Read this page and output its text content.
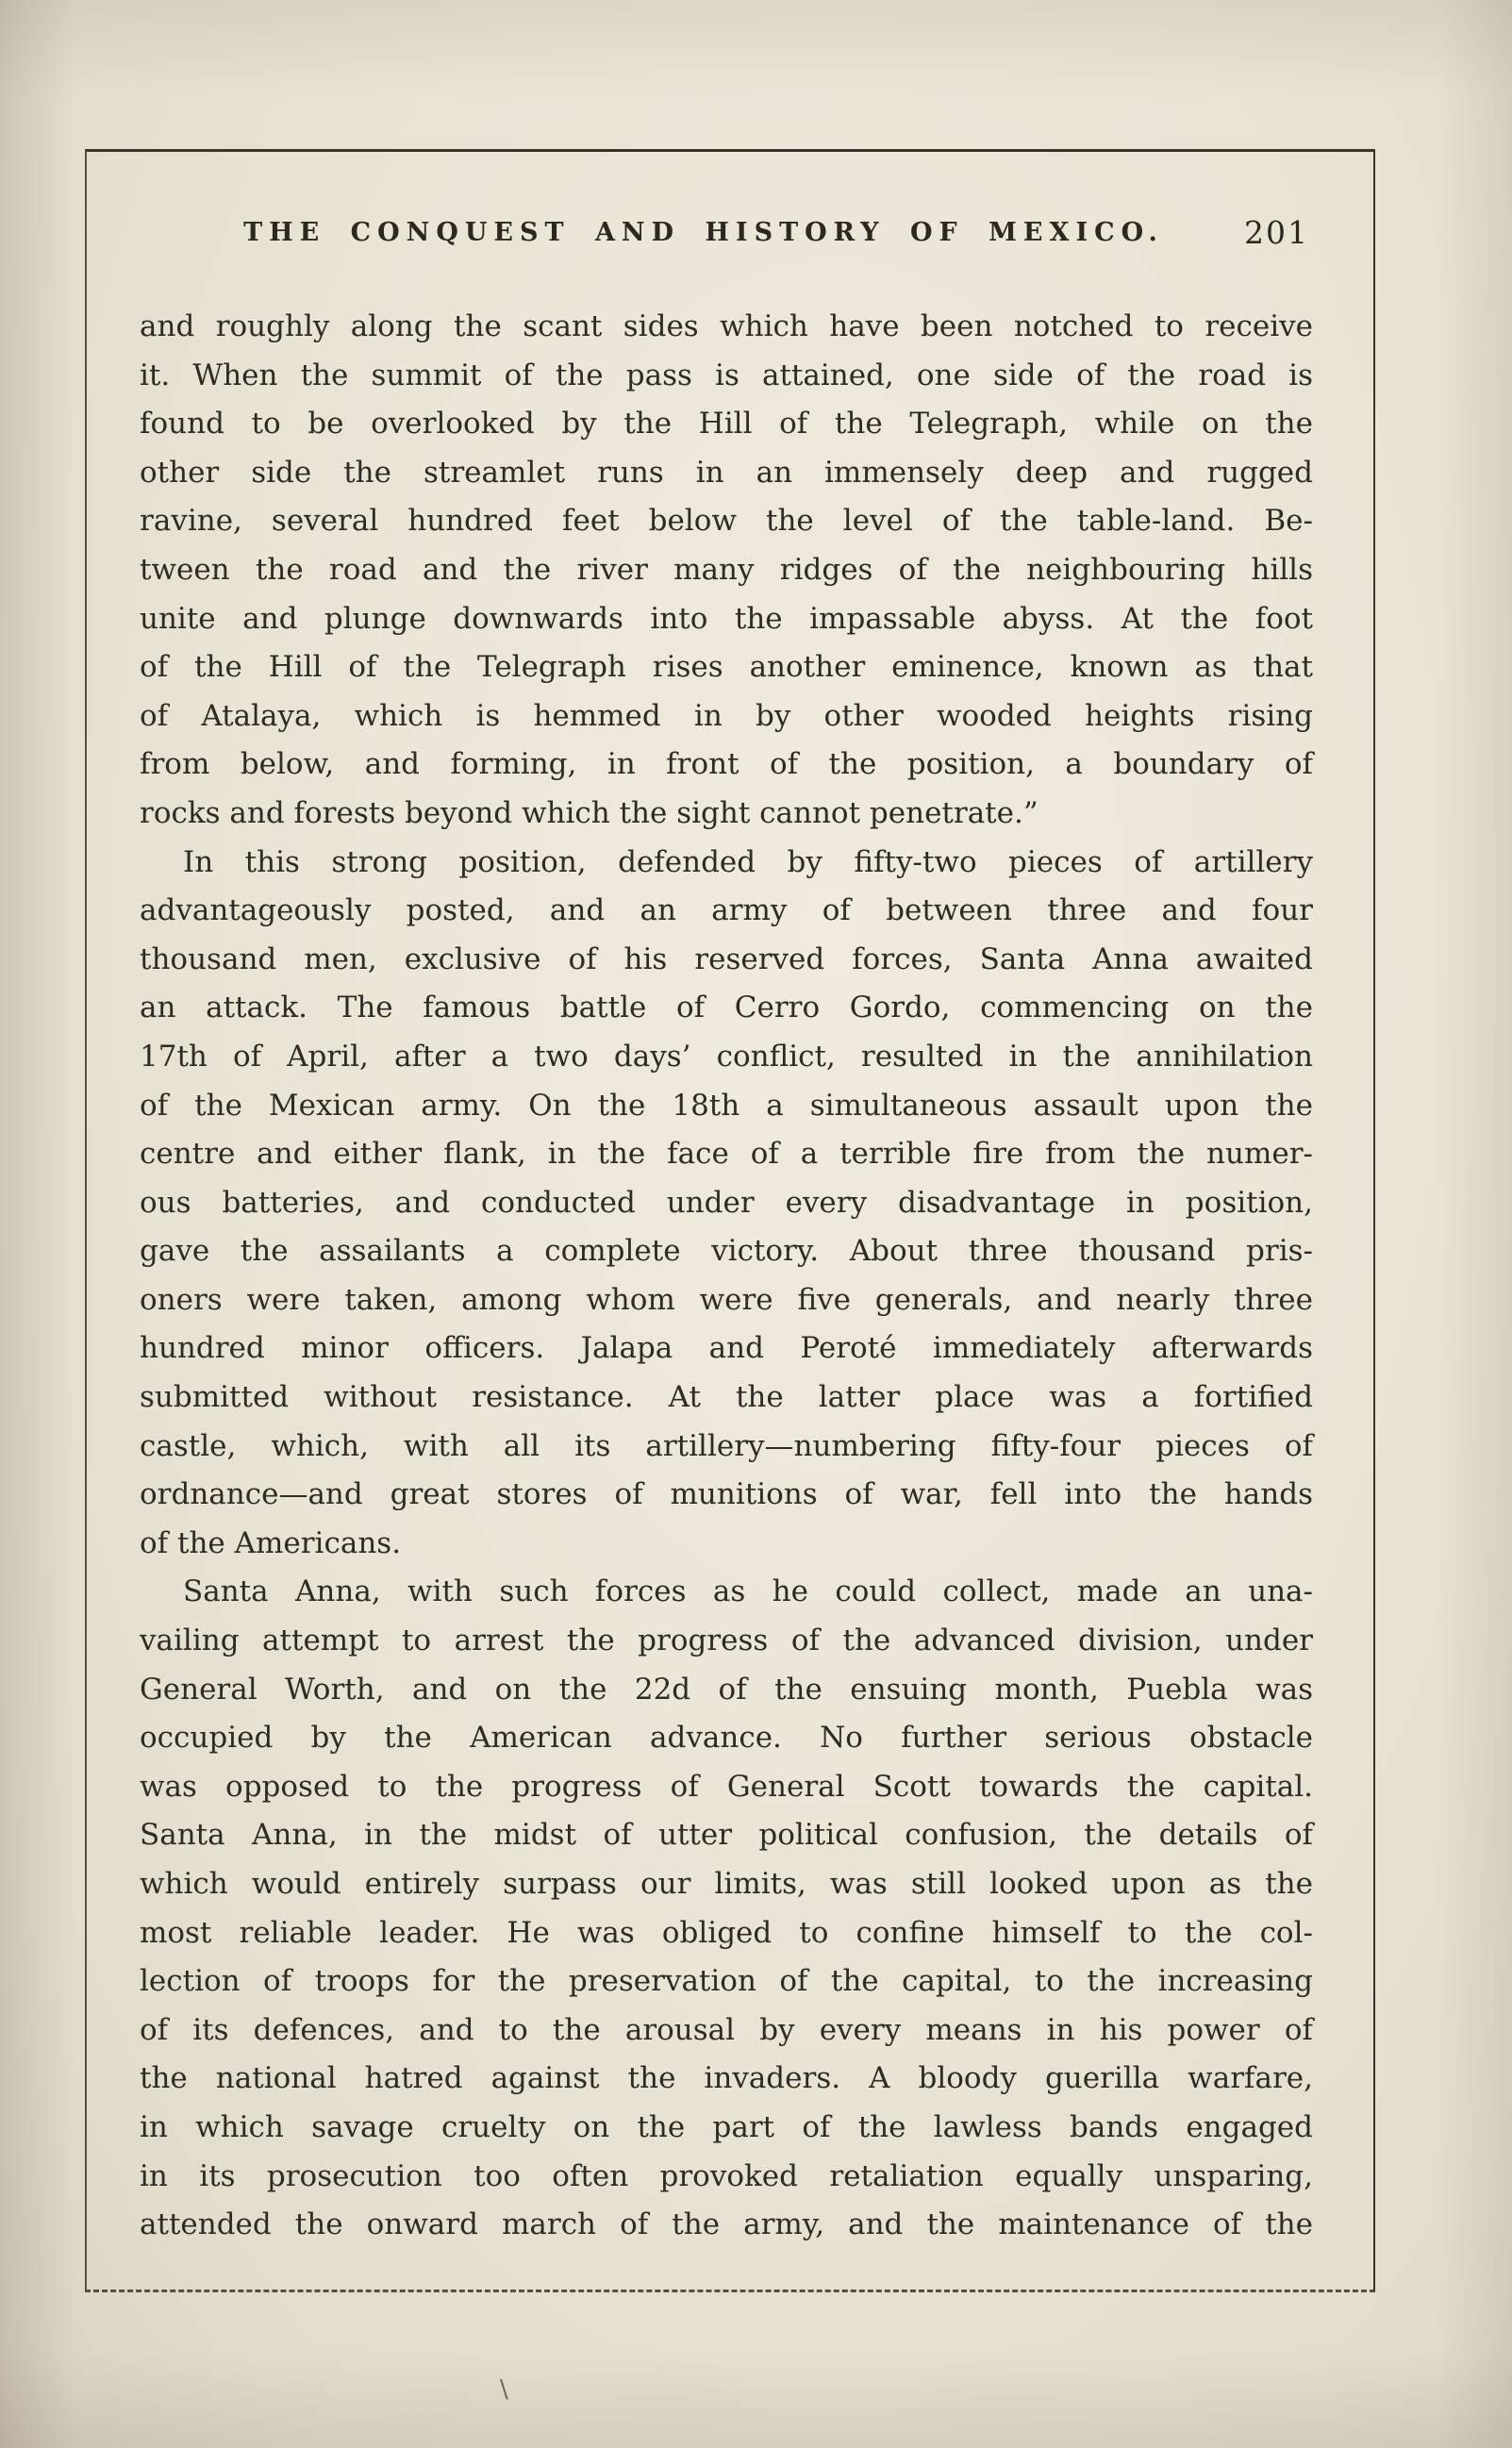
THE CONQUEST AND HISTORY OF MEXICO.	201
and roughly along the scant sides which have been notched to receive
it. When the summit of the pass is attained, one side of the road is
found to be overlooked by the Hill of the Telegraph, while on the
other side the streamlet runs in an immensely deep and rugged
ravine, several hundred feet below the level of the table-land. Be-
tween the road and the river many ridges of the neighbouring hills
unite and plunge downwards into the impassable abyss. At the foot
of the Hill of the Telegraph rises another eminence, known as that
of Atalaya, which is hemmed in by other wooded heights rising
from below, and forming, in front of the position, a boundary of
rocks and forests beyond which the sight cannot penetrate.”
In this strong position, defended by fifty-two pieces of artillery
advantageously posted, and an army of between three and four
thousand men, exclusive of his reserved forces, Santa Anna awaited
an attack. The famous battle of Cerro Gordo, commencing on the
17th of April, after a two days’ conflict, resulted in the annihilation
of the Mexican army. On the 18th a simultaneous assault upon the
centre and either flank, in the face of a terrible fire from the numer-
ous batteries, and conducted under every disadvantage in position,
gave the assailants a complete victory. About three thousand pris-
oners were taken, among whom were five generals, and nearly three
hundred minor officers. Jalapa and Peroté immediately afterwards
submitted without resistance. At the latter place was a fortified
castle, which, with all its artillery—numbering fifty-four pieces of
ordnance—and great stores of munitions of war, fell into the hands
of the Americans.
Santa Anna, with such forces as he could collect, made an una-
vailing attempt to arrest the progress of the advanced division, under
General Worth, and on the 22d of the ensuing month, Puebla was
occupied by the American advance. No further serious obstacle
was opposed to the progress of General Scott towards the capital.
Santa Anna, in the midst of utter political confusion, the details of
which would entirely surpass our limits, was still looked upon as the
most reliable leader. He was obliged to confine himself to the col-
lection of troops for the preservation of the capital, to the increasing
of its defences, and to the arousal by every means in his power of
the national hatred against the invaders. A bloody guerilla warfare,
in which savage cruelty on the part of the lawless bands engaged
in its prosecution too often provoked retaliation equally unsparing,
attended the onward march of the army, and the maintenance of the
\
